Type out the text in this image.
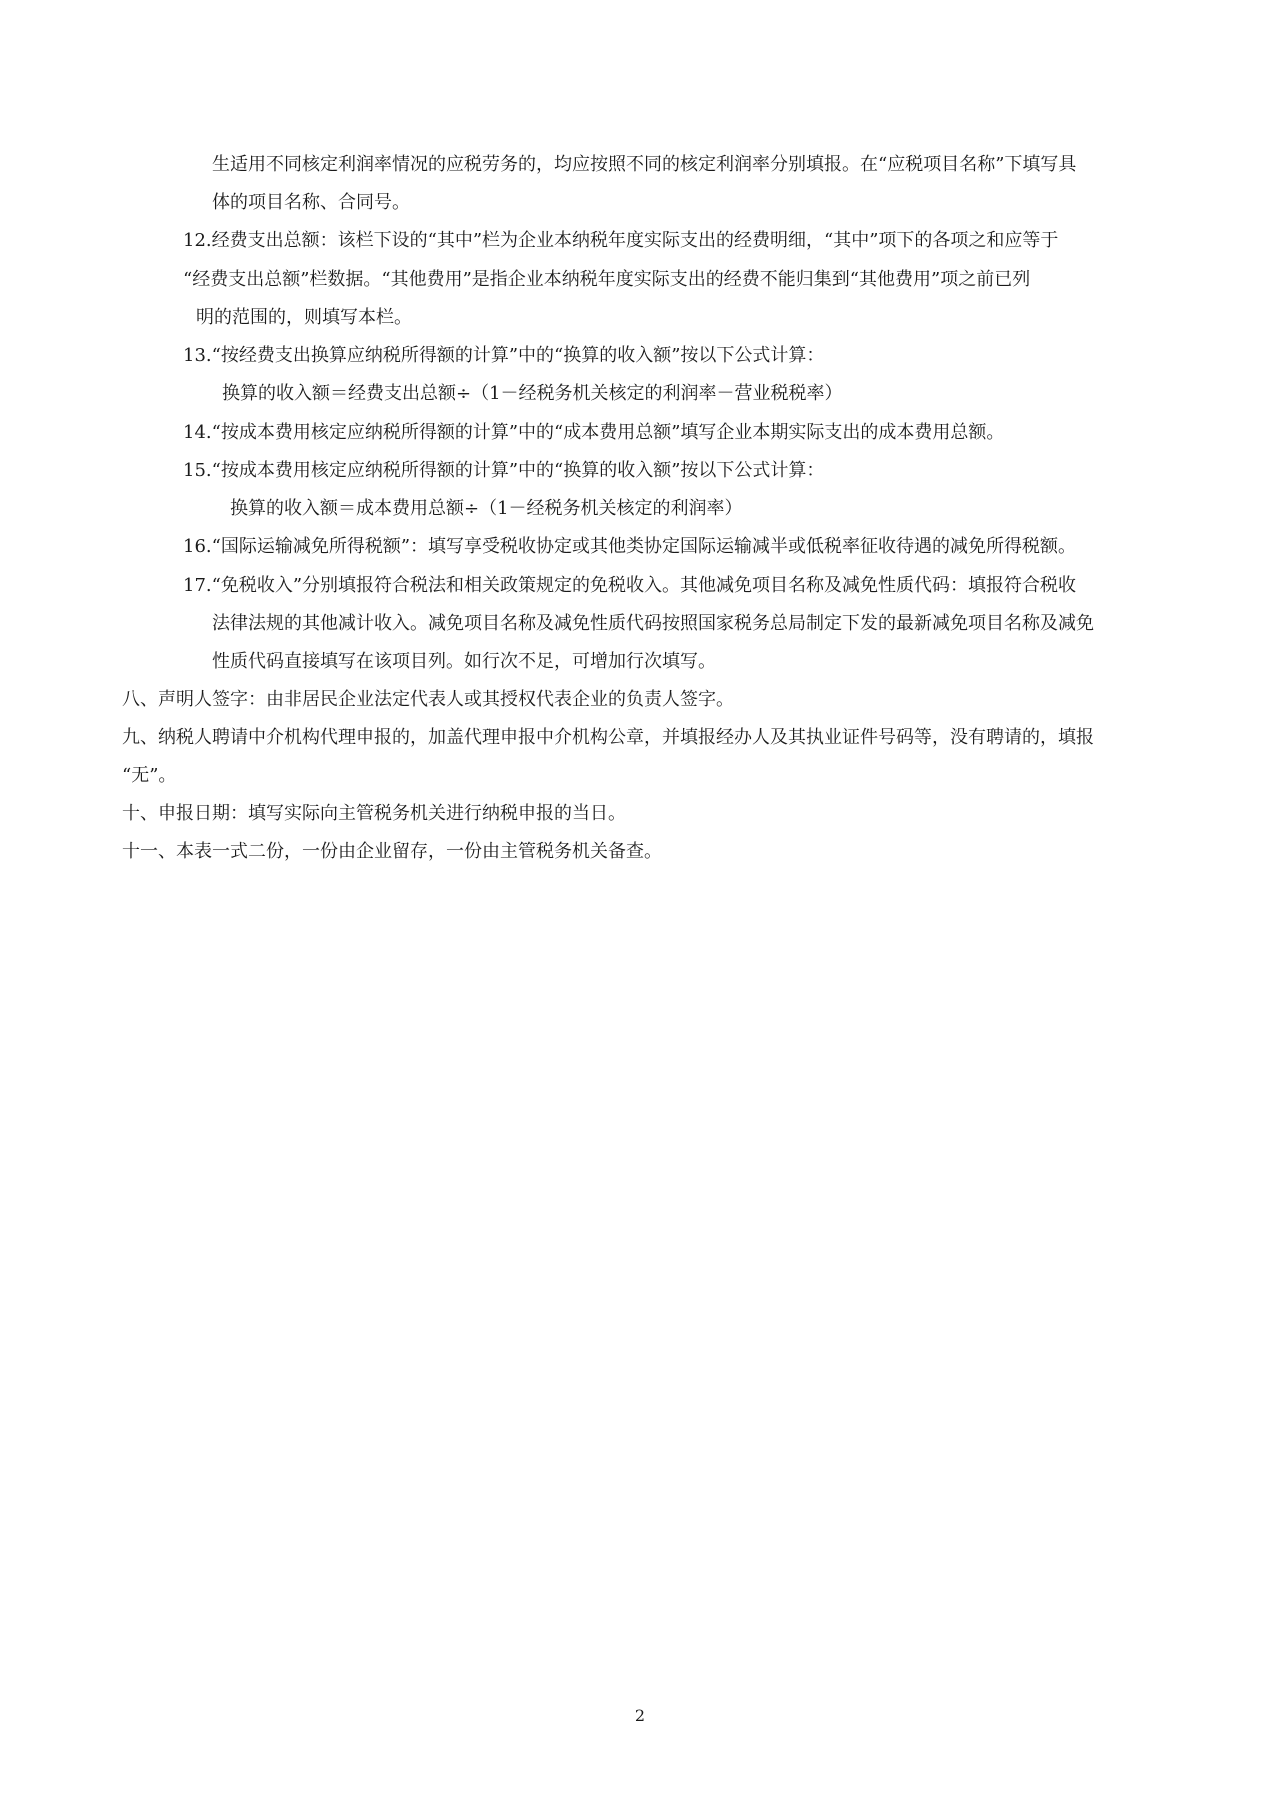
生适用不同核定利润率情况的应税劳务的，均应按照不同的核定利润率分别填报。在“应税项目名称”下填写具
体的项目名称、合同号。
12.经费支出总额：该栏下设的“其中”栏为企业本纳税年度实际支出的经费明细，“其中”项下的各项之和应等于
“经费支出总额”栏数据。“其他费用”是指企业本纳税年度实际支出的经费不能归集到“其他费用”项之前已列
明的范围的，则填写本栏。
13.“按经费支出换算应纳税所得额的计算”中的“换算的收入额”按以下公式计算：
换算的收入额＝经费支出总额÷（1－经税务机关核定的利润率－营业税税率）
14.“按成本费用核定应纳税所得额的计算”中的“成本费用总额”填写企业本期实际支出的成本费用总额。
15.“按成本费用核定应纳税所得额的计算”中的“换算的收入额”按以下公式计算：
换算的收入额＝成本费用总额÷（1－经税务机关核定的利润率）
16.“国际运输减免所得税额”：填写享受税收协定或其他类协定国际运输减半或低税率征收待遇的减免所得税额。
17.“免税收入”分别填报符合税法和相关政策规定的免税收入。其他减免项目名称及减免性质代码：填报符合税收
法律法规的其他减计收入。减免项目名称及减免性质代码按照国家税务总局制定下发的最新减免项目名称及减免
性质代码直接填写在该项目列。如行次不足，可增加行次填写。
八、声明人签字：由非居民企业法定代表人或其授权代表企业的负责人签字。
九、纳税人聘请中介机构代理申报的，加盖代理申报中介机构公章，并填报经办人及其执业证件号码等，没有聘请的，填报
“无”。
十、申报日期：填写实际向主管税务机关进行纳税申报的当日。
十一、本表一式二份，一份由企业留存，一份由主管税务机关备查。
2
